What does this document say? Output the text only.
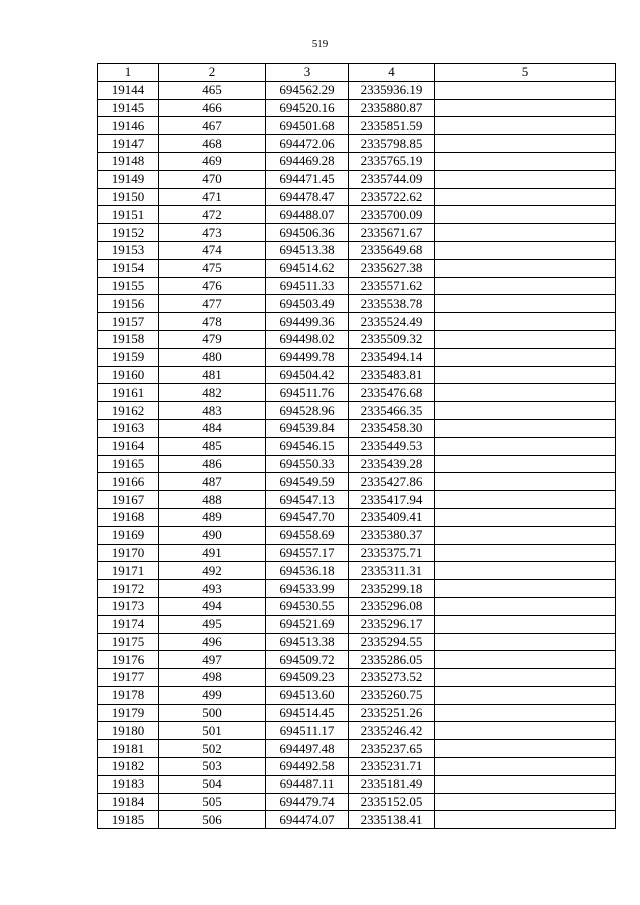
519
1	2	3	4	5
19144	465	694562.29	2335936.19	
19145	466	694520.16	2335880.87	
19146	467	694501.68	2335851.59	
19147	468	694472.06	2335798.85	
19148	469	694469.28	2335765.19	
19149	470	694471.45	2335744.09	
19150	471	694478.47	2335722.62	
19151	472	694488.07	2335700.09	
19152	473	694506.36	2335671.67	
19153	474	694513.38	2335649.68	
19154	475	694514.62	2335627.38	
19155	476	694511.33	2335571.62	
19156	477	694503.49	2335538.78	
19157	478	694499.36	2335524.49	
19158	479	694498.02	2335509.32	
19159	480	694499.78	2335494.14	
19160	481	694504.42	2335483.81	
19161	482	694511.76	2335476.68	
19162	483	694528.96	2335466.35	
19163	484	694539.84	2335458.30	
19164	485	694546.15	2335449.53	
19165	486	694550.33	2335439.28	
19166	487	694549.59	2335427.86	
19167	488	694547.13	2335417.94	
19168	489	694547.70	2335409.41	
19169	490	694558.69	2335380.37	
19170	491	694557.17	2335375.71	
19171	492	694536.18	2335311.31	
19172	493	694533.99	2335299.18	
19173	494	694530.55	2335296.08	
19174	495	694521.69	2335296.17	
19175	496	694513.38	2335294.55	
19176	497	694509.72	2335286.05	
19177	498	694509.23	2335273.52	
19178	499	694513.60	2335260.75	
19179	500	694514.45	2335251.26	
19180	501	694511.17	2335246.42	
19181	502	694497.48	2335237.65	
19182	503	694492.58	2335231.71	
19183	504	694487.11	2335181.49	
19184	505	694479.74	2335152.05	
19185	506	694474.07	2335138.41	
